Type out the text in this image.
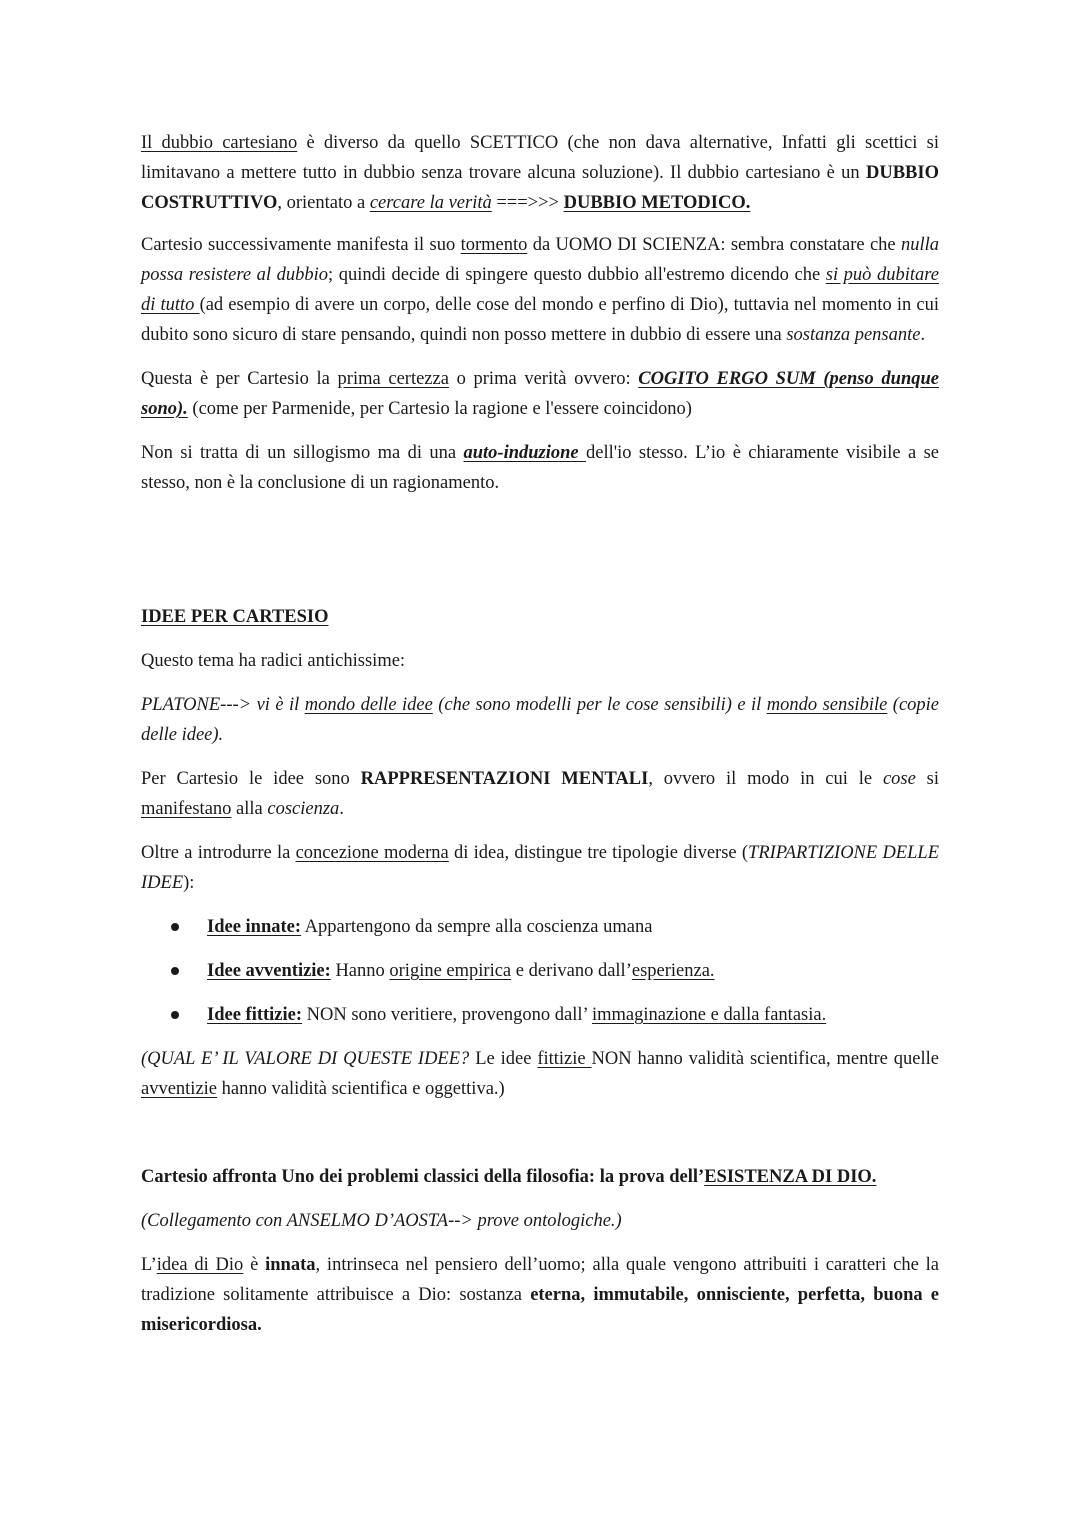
Il dubbio cartesiano è diverso da quello SCETTICO (che non dava alternative, Infatti gli scettici si limitavano a mettere tutto in dubbio senza trovare alcuna soluzione). Il dubbio cartesiano è un DUBBIO COSTRUTTIVO, orientato a cercare la verità ===>>> DUBBIO METODICO.

Cartesio successivamente manifesta il suo tormento da UOMO DI SCIENZA: sembra constatare che nulla possa resistere al dubbio; quindi decide di spingere questo dubbio all'estremo dicendo che si può dubitare di tutto (ad esempio di avere un corpo, delle cose del mondo e perfino di Dio), tuttavia nel momento in cui dubito sono sicuro di stare pensando, quindi non posso mettere in dubbio di essere una sostanza pensante.

Questa è per Cartesio la prima certezza o prima verità ovvero: COGITO ERGO SUM (penso dunque sono). (come per Parmenide, per Cartesio la ragione e l'essere coincidono)

Non si tratta di un sillogismo ma di una auto-induzione dell'io stesso. L’io è chiaramente visibile a se stesso, non è la conclusione di un ragionamento.

IDEE PER CARTESIO

Questo tema ha radici antichissime:

PLATONE---> vi è il mondo delle idee (che sono modelli per le cose sensibili) e il mondo sensibile (copie delle idee).

Per Cartesio le idee sono RAPPRESENTAZIONI MENTALI, ovvero il modo in cui le cose si manifestano alla coscienza.

Oltre a introdurre la concezione moderna di idea, distingue tre tipologie diverse (TRIPARTIZIONE DELLE IDEE):

Idee innate: Appartengono da sempre alla coscienza umana
Idee avventizie: Hanno origine empirica e derivano dall’esperienza.
Idee fittizie: NON sono veritiere, provengono dall’ immaginazione e dalla fantasia.

(QUAL E’ IL VALORE DI QUESTE IDEE? Le idee fittizie NON hanno validità scientifica, mentre quelle avventizie hanno validità scientifica e oggettiva.)

Cartesio affronta Uno dei problemi classici della filosofia: la prova dell’ESISTENZA DI DIO.

(Collegamento con ANSELMO D’AOSTA--> prove ontologiche.)

L’idea di Dio è innata, intrinseca nel pensiero dell’uomo; alla quale vengono attribuiti i caratteri che la tradizione solitamente attribuisce a Dio: sostanza eterna, immutabile, onnisciente, perfetta, buona e misericordiosa.
